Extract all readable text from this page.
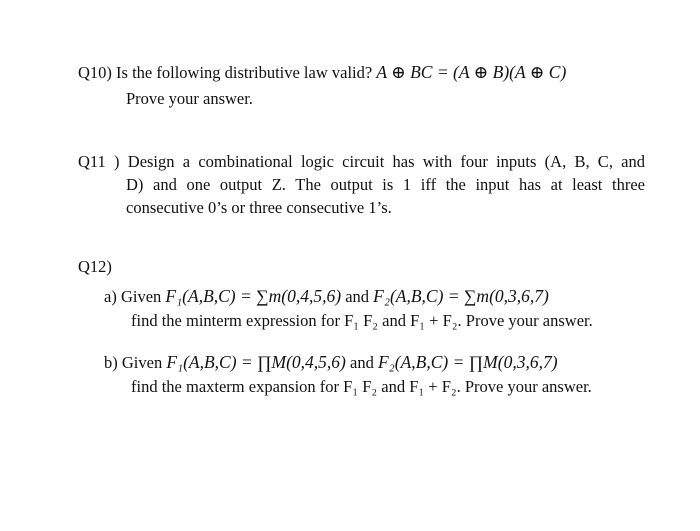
Q10) Is the following distributive law valid? A ⊕ BC = (A ⊕ B)(A ⊕ C)
Prove your answer.
Q11 ) Design a combinational logic circuit has with four inputs (A, B, C, and
D) and one output Z. The output is 1 iff the input has at least three
consecutive 0’s or three consecutive 1’s.
Q12)
a) Given F₁(A,B,C) = ∑m(0,4,5,6) and F₂(A,B,C) = ∑m(0,3,6,7)
find the minterm expression for F₁ F₂ and F₁ + F₂. Prove your answer.
b) Given F₁(A,B,C) = ∏M(0,4,5,6) and F₂(A,B,C) = ∏M(0,3,6,7)
find the maxterm expansion for F₁ F₂ and F₁ + F₂. Prove your answer.
